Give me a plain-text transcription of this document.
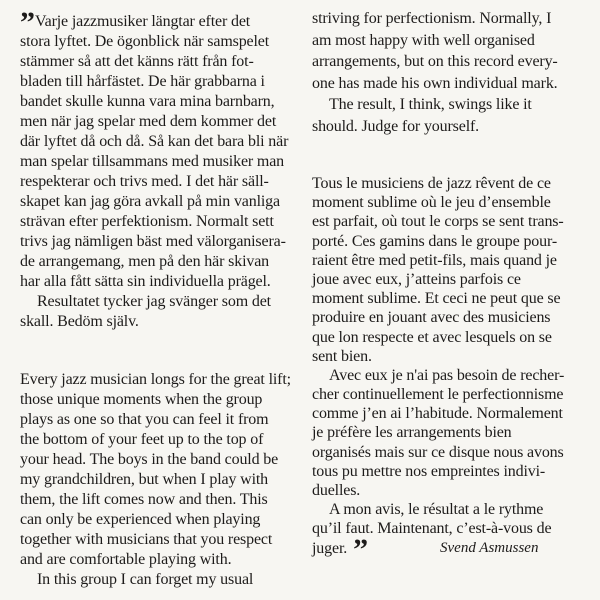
” Varje jazzmusiker längtar efter det
stora lyftet. De ögonblick när samspelet
stämmer så att det känns rätt från fot-
bladen till hårfästet. De här grabbarna i
bandet skulle kunna vara mina barnbarn,
men när jag spelar med dem kommer det
där lyftet då och då. Så kan det bara bli när
man spelar tillsammans med musiker man
respekterar och trivs med. I det här säll-
skapet kan jag göra avkall på min vanliga
strävan efter perfektionism. Normalt sett
trivs jag nämligen bäst med välorganisera-
de arrangemang, men på den här skivan
har alla fått sätta sin individuella prägel.
Resultatet tycker jag svänger som det
skall. Bedöm själv.
Every jazz musician longs for the great lift;
those unique moments when the group
plays as one so that you can feel it from
the bottom of your feet up to the top of
your head. The boys in the band could be
my grandchildren, but when I play with
them, the lift comes now and then. This
can only be experienced when playing
together with musicians that you respect
and are comfortable playing with.
In this group I can forget my usual
striving for perfectionism. Normally, I
am most happy with well organised
arrangements, but on this record every-
one has made his own individual mark.
The result, I think, swings like it
should. Judge for yourself.
Tous le musiciens de jazz rêvent de ce
moment sublime où le jeu d’ensemble
est parfait, où tout le corps se sent trans-
porté. Ces gamins dans le groupe pour-
raient être med petit-fils, mais quand je
joue avec eux, j’atteins parfois ce
moment sublime. Et ceci ne peut que se
produire en jouant avec des musiciens
que lon respecte et avec lesquels on se
sent bien.
Avec eux je n'ai pas besoin de recher-
cher continuellement le perfectionnisme
comme j’en ai l’habitude. Normalement
je préfère les arrangements bien
organisés mais sur ce disque nous avons
tous pu mettre nos empreintes indivi-
duelles.
A mon avis, le résultat a le rythme
qu’il faut. Maintenant, c’est-à-vous de
juger. ”	Svend Asmussen
